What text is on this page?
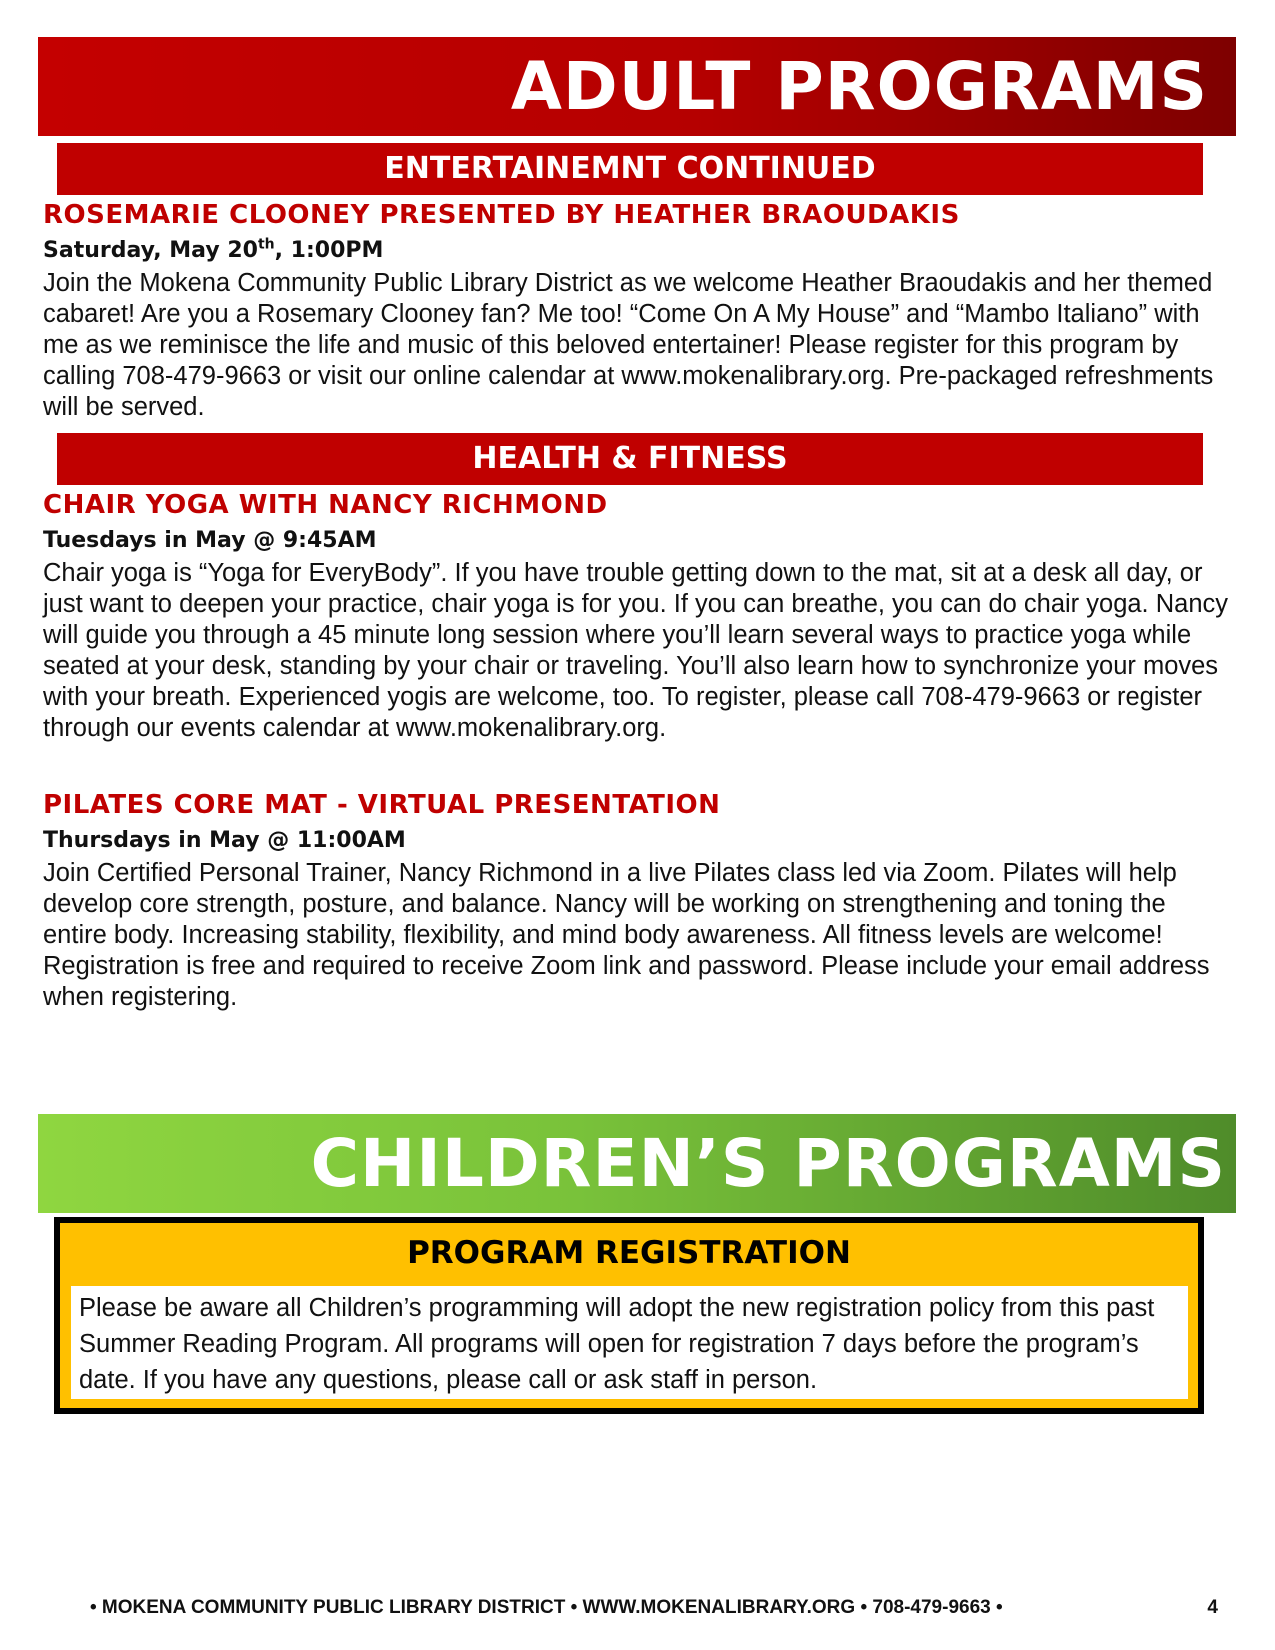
ADULT PROGRAMS
ENTERTAINEMNT CONTINUED
ROSEMARIE CLOONEY PRESENTED BY HEATHER BRAOUDAKIS
Saturday, May 20th, 1:00PM

Join the Mokena Community Public Library District as we welcome Heather Braoudakis and her themed cabaret! Are you a Rosemary Clooney fan? Me too! “Come On A My House” and “Mambo Italiano” with me as we reminisce the life and music of this beloved entertainer! Please register for this program by calling 708-479-9663 or visit our online calendar at www.mokenalibrary.org. Pre-packaged refreshments will be served.

HEALTH & FITNESS
CHAIR YOGA WITH NANCY RICHMOND
Tuesdays in May @ 9:45AM

Chair yoga is “Yoga for EveryBody”. If you have trouble getting down to the mat, sit at a desk all day, or just want to deepen your practice, chair yoga is for you. If you can breathe, you can do chair yoga. Nancy will guide you through a 45 minute long session where you’ll learn several ways to practice yoga while seated at your desk, standing by your chair or traveling. You’ll also learn how to synchronize your moves with your breath. Experienced yogis are welcome, too. To register, please call 708-479-9663 or register through our events calendar at www.mokenalibrary.org.

PILATES CORE MAT - VIRTUAL PRESENTATION
Thursdays in May @ 11:00AM

Join Certified Personal Trainer, Nancy Richmond in a live Pilates class led via Zoom. Pilates will help develop core strength, posture, and balance. Nancy will be working on strengthening and toning the entire body. Increasing stability, flexibility, and mind body awareness. All fitness levels are welcome!

Registration is free and required to receive Zoom link and password. Please include your email address when registering.

CHILDREN’S PROGRAMS
PROGRAM REGISTRATION

Please be aware all Children’s programming will adopt the new registration policy from this past Summer Reading Program. All programs will open for registration 7 days before the program’s date. If you have any questions, please call or ask staff in person.

• MOKENA COMMUNITY PUBLIC LIBRARY DISTRICT • WWW.MOKENALIBRARY.ORG • 708-479-9663 •	4
